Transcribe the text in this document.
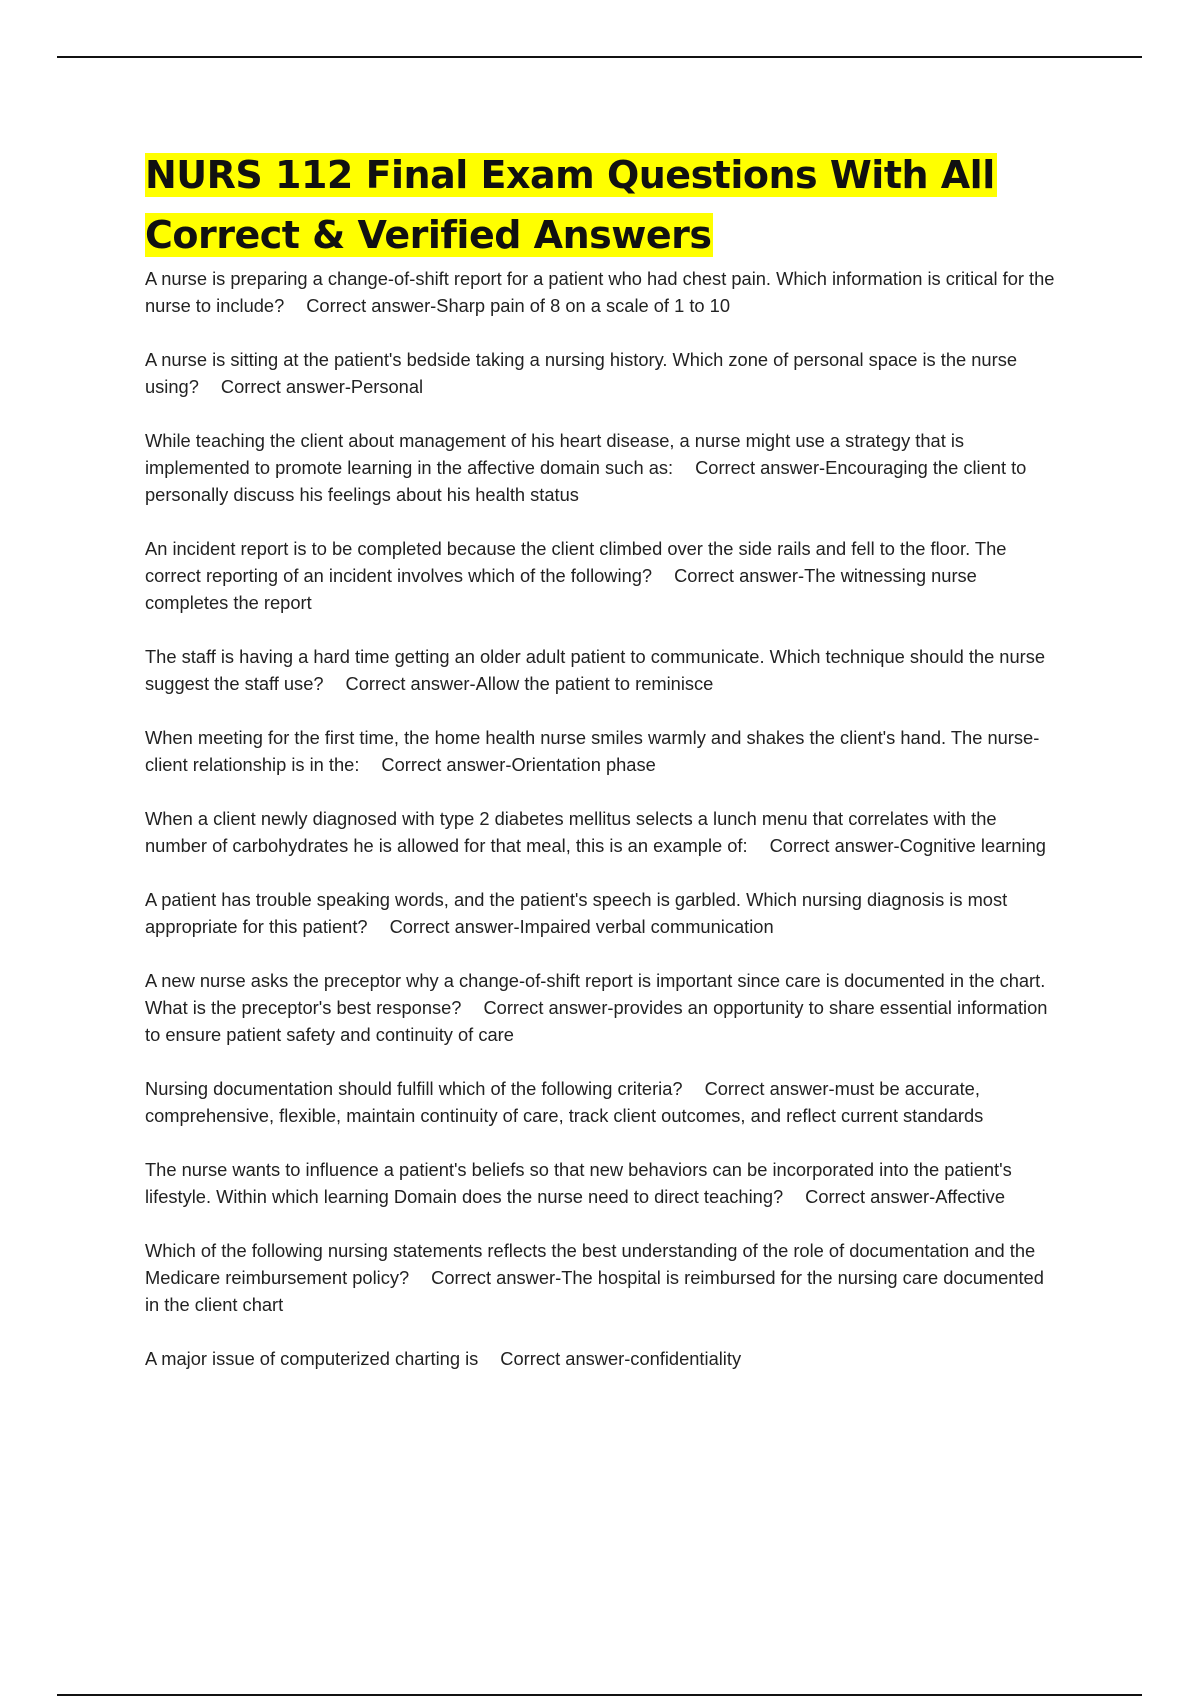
NURS 112 Final Exam Questions With All Correct & Verified Answers
A nurse is preparing a change-of-shift report for a patient who had chest pain. Which information is critical for the nurse to include? Correct answer-Sharp pain of 8 on a scale of 1 to 10
A nurse is sitting at the patient's bedside taking a nursing history. Which zone of personal space is the nurse using? Correct answer-Personal
While teaching the client about management of his heart disease, a nurse might use a strategy that is implemented to promote learning in the affective domain such as: Correct answer-Encouraging the client to personally discuss his feelings about his health status
An incident report is to be completed because the client climbed over the side rails and fell to the floor. The correct reporting of an incident involves which of the following? Correct answer-The witnessing nurse completes the report
The staff is having a hard time getting an older adult patient to communicate. Which technique should the nurse suggest the staff use? Correct answer-Allow the patient to reminisce
When meeting for the first time, the home health nurse smiles warmly and shakes the client's hand. The nurse-client relationship is in the: Correct answer-Orientation phase
When a client newly diagnosed with type 2 diabetes mellitus selects a lunch menu that correlates with the number of carbohydrates he is allowed for that meal, this is an example of: Correct answer-Cognitive learning
A patient has trouble speaking words, and the patient's speech is garbled. Which nursing diagnosis is most appropriate for this patient? Correct answer-Impaired verbal communication
A new nurse asks the preceptor why a change-of-shift report is important since care is documented in the chart. What is the preceptor's best response? Correct answer-provides an opportunity to share essential information to ensure patient safety and continuity of care
Nursing documentation should fulfill which of the following criteria? Correct answer-must be accurate, comprehensive, flexible, maintain continuity of care, track client outcomes, and reflect current standards
The nurse wants to influence a patient's beliefs so that new behaviors can be incorporated into the patient's lifestyle. Within which learning Domain does the nurse need to direct teaching? Correct answer-Affective
Which of the following nursing statements reflects the best understanding of the role of documentation and the Medicare reimbursement policy? Correct answer-The hospital is reimbursed for the nursing care documented in the client chart
A major issue of computerized charting is Correct answer-confidentiality
